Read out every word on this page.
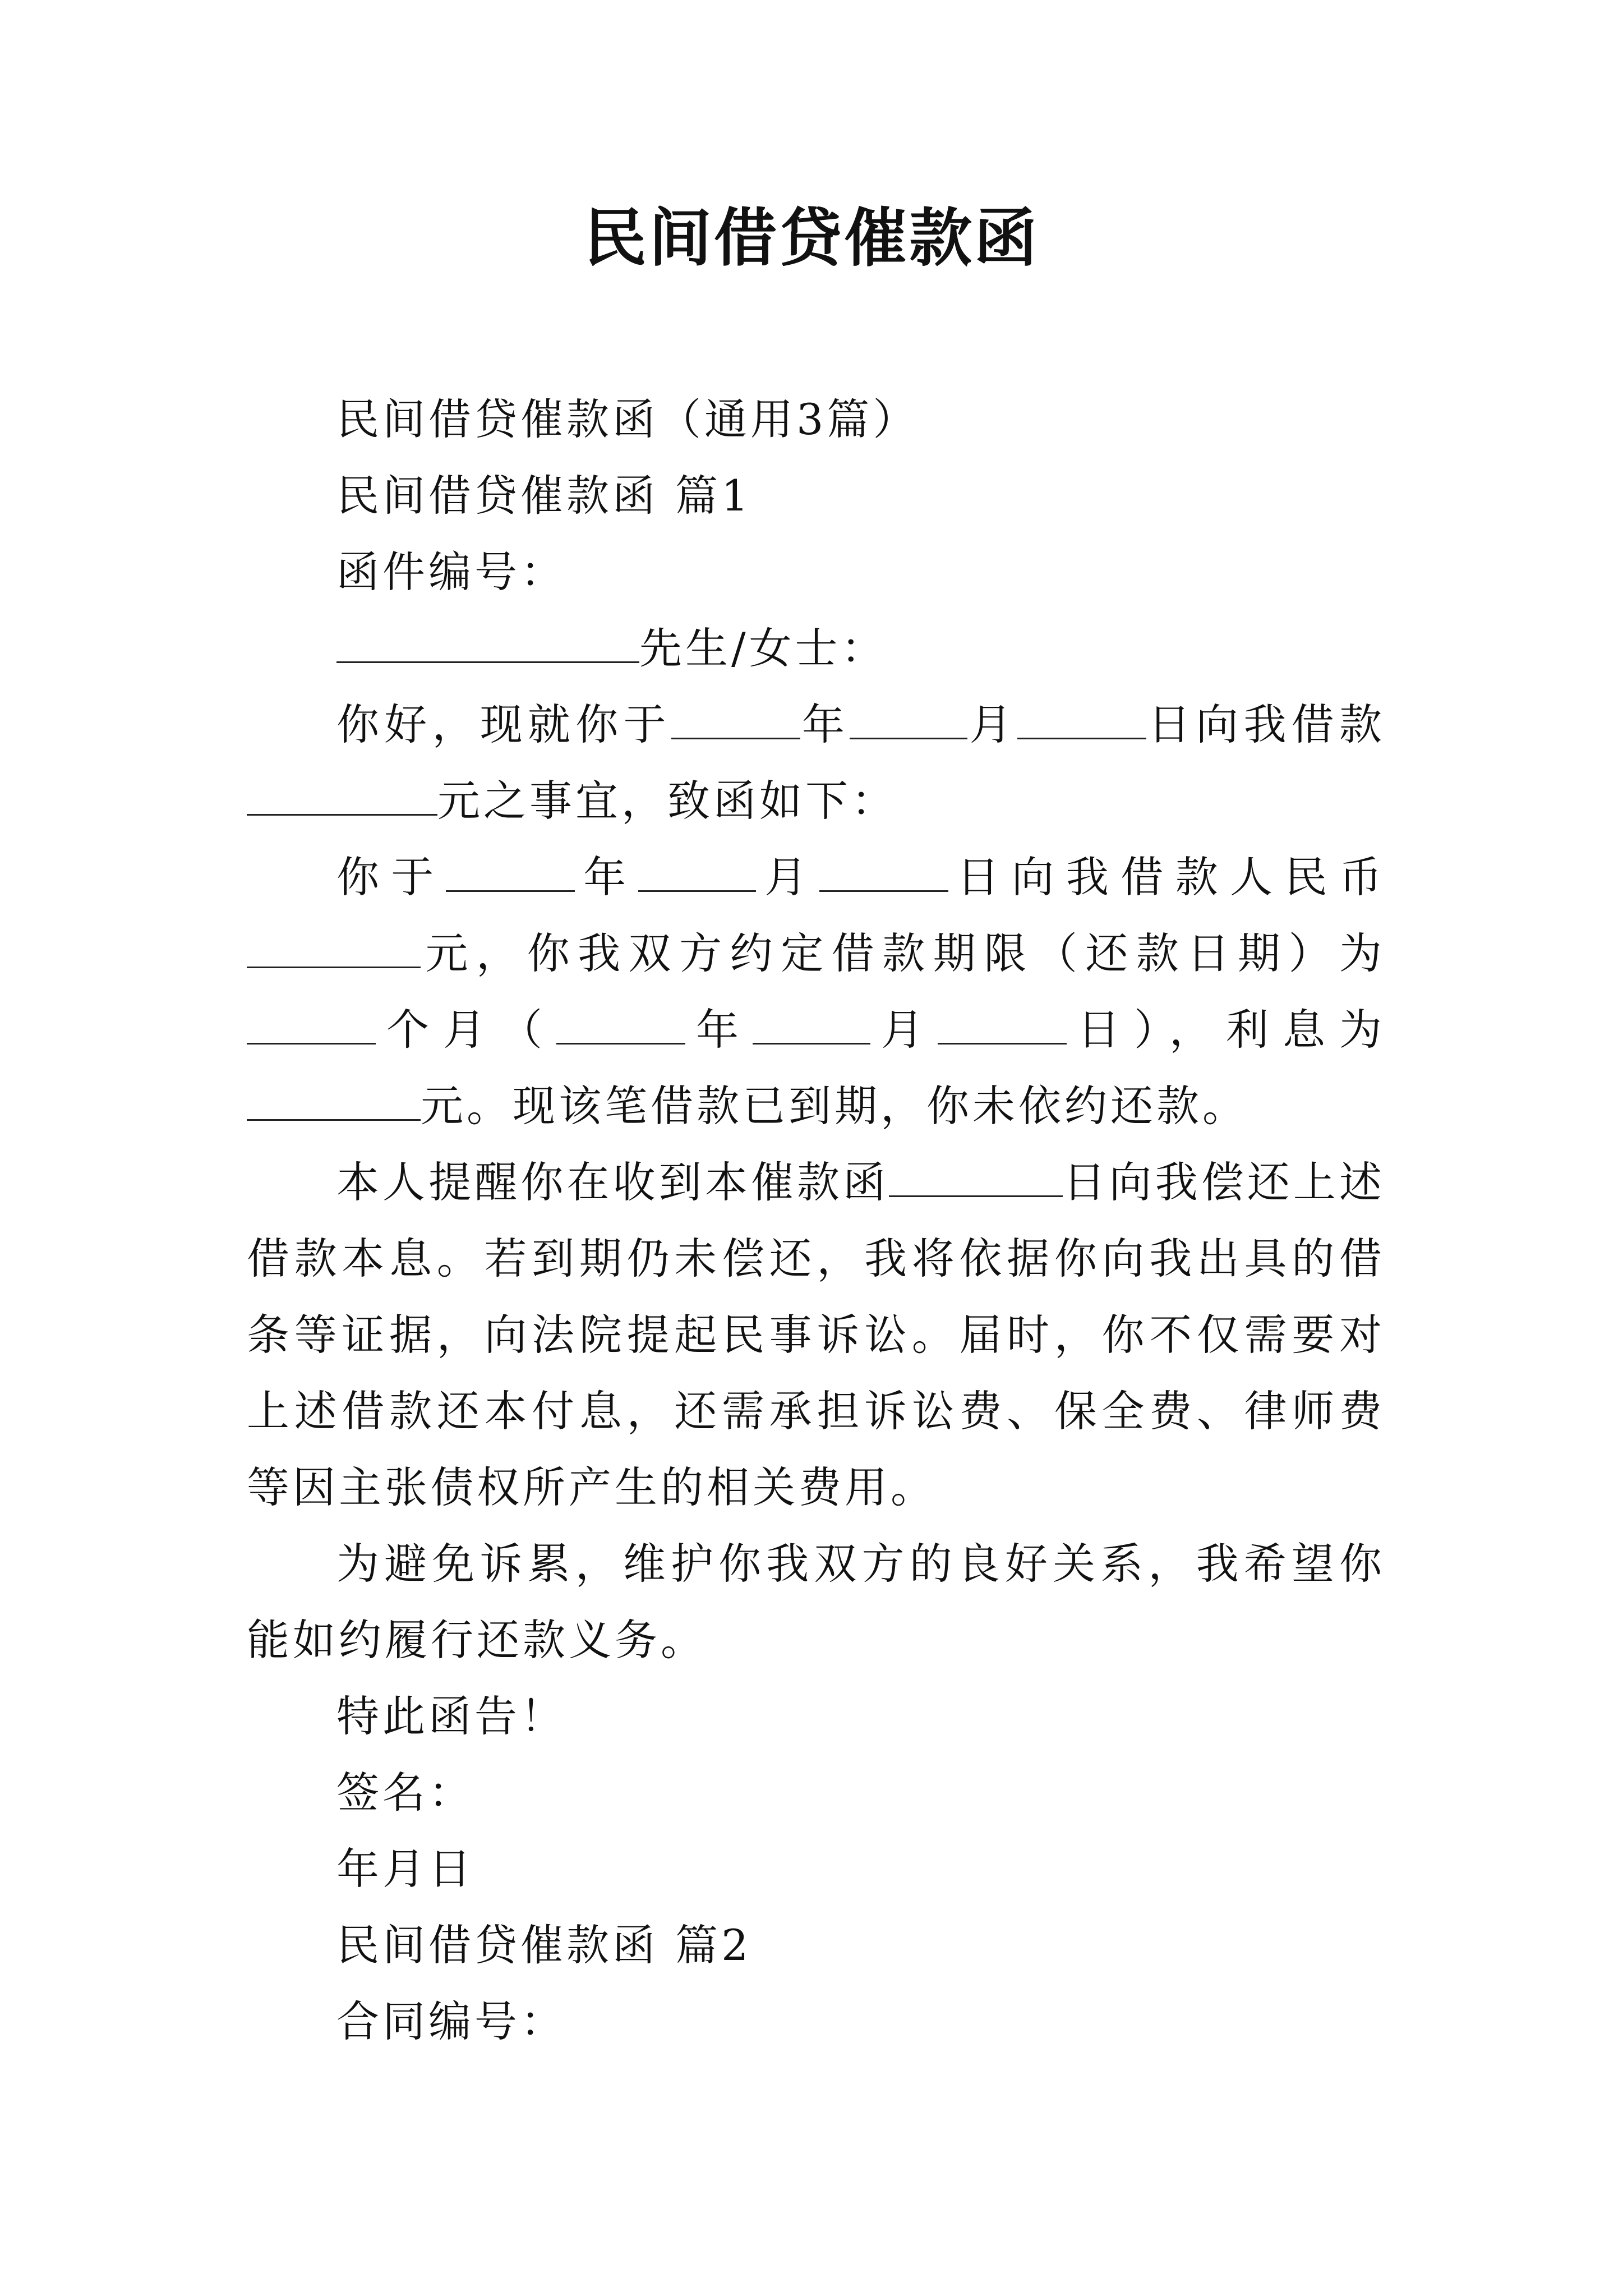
民间借贷催款函

民间借贷催款函（通用3篇）

民间借贷催款函 篇1

函件编号：

先生/女士：

你好，现就你于	年	月	日向我借款元之事宜，致函如下：

你于	年	月	日向我借款人民币元，你我双方约定借款期限（还款日期）为个月（	年	月	日），利息为元。现该笔借款已到期，你未依约还款。

本人提醒你在收到本催款函	日向我偿还上述借款本息。若到期仍未偿还，我将依据你向我出具的借条等证据，向法院提起民事诉讼。届时，你不仅需要对上述借款还本付息，还需承担诉讼费、保全费、律师费等因主张债权所产生的相关费用。

为避免诉累，维护你我双方的良好关系，我希望你能如约履行还款义务。

特此函告！

签名：

年月日

民间借贷催款函 篇2

合同编号：
